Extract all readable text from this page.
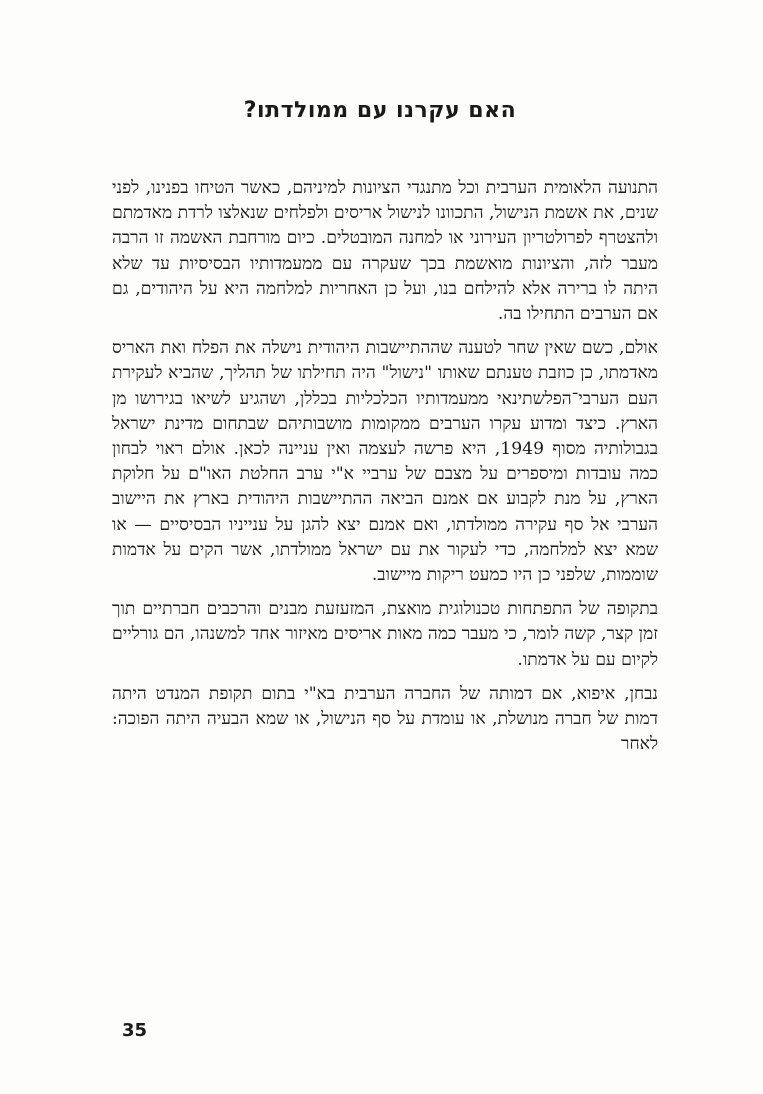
האם עקרנו עם ממולדתו?

התנועה הלאומית הערבית וכל מתנגדי הציונות למיניהם, כאשר הטיחו בפנינו, לפני שנים, את אשמת הנישול, התכוונו לנישול אריסים ולפלחים שנאלצו לרדת מאדמתם ולהצטרף לפרולטריון העירוני או למחנה המובטלים. כיום מורחבת האשמה זו הרבה מעבר לזה, והציונות מואשמת בכך שעקרה עם ממעמדותיו הבסיסיות עד שלא היתה לו ברירה אלא להילחם בנו, ועל כן האחריות למלחמה היא על היהודים, גם אם הערבים התחילו בה.

אולם, כשם שאין שחר לטענה שההתיישבות היהודית נישלה את הפלח ואת האריס מאדמתו, כן כוזבת טענתם שאותו "נישול" היה תחילתו של תהליך, שהביא לעקירת העם הערבי־הפלשתינאי ממעמדותיו הכלכליות בכללן, ושהגיע לשיאו בגירושו מן הארץ. כיצד ומדוע עקרו הערבים ממקומות מושבותיהם שבתחום מדינת ישראל בגבולותיה מסוף 1949, היא פרשה לעצמה ואין עניינה לכאן. אולם ראוי לבחון כמה עובדות ומיספרים על מצבם של ערביי א"י ערב החלטת האו"ם על חלוקת הארץ, על מנת לקבוע אם אמנם הביאה ההתיישבות היהודית בארץ את היישוב הערבי אל סף עקירה ממולדתו, ואם אמנם יצא להגן על ענייניו הבסיסיים — או שמא יצא למלחמה, כדי לעקור את עם ישראל ממולדתו, אשר הקים על אדמות שוממות, שלפני כן היו כמעט ריקות מיישוב.

בתקופה של התפתחות טכנולוגית מואצת, המזעזעת מבנים והרכבים חברתיים תוך זמן קצר, קשה לומר, כי מעבר כמה מאות אריסים מאיזור אחד למשנהו, הם גורליים לקיום עם על אדמתו.

נבחן, איפוא, אם דמותה של החברה הערבית בא"י בתום תקופת המנדט היתה דמות של חברה מנושלת, או עומדת על סף הנישול, או שמא הבעיה היתה הפוכה: לאחר

35
